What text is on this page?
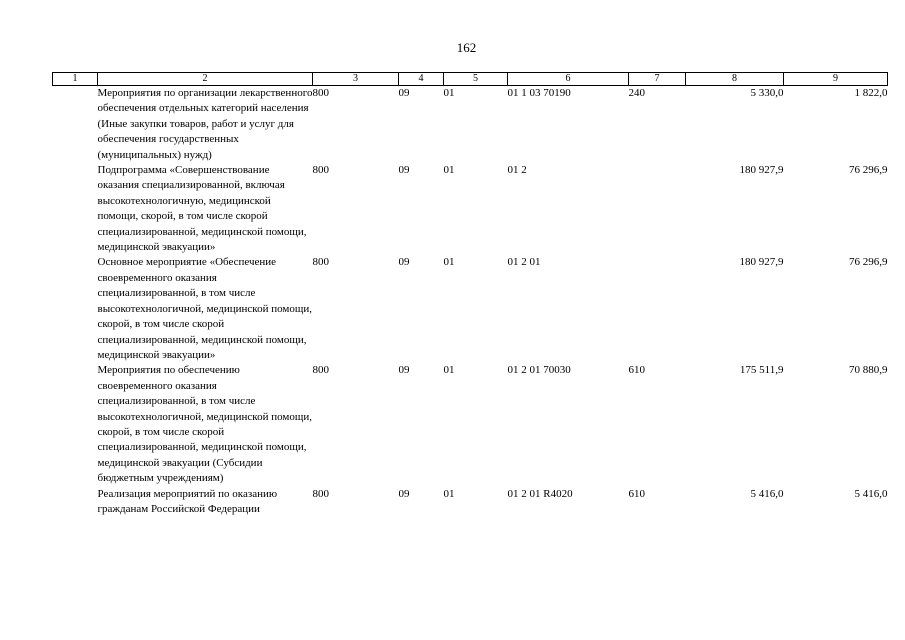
162
1	2	3	4	5	6	7	8	9
	Мероприятия по организации лекарственного обеспечения отдельных категорий населения (Иные закупки товаров, работ и услуг для обеспечения государственных (муниципальных) нужд)	800	09	01	01 1 03 70190	240	5 330,0	1 822,0
	Подпрограмма «Совершенствование оказания специализированной, включая высокотехнологичную, медицинской помощи, скорой, в том числе скорой специализированной, медицинской помощи, медицинской эвакуации»	800	09	01	01 2		180 927,9	76 296,9
	Основное мероприятие «Обеспечение своевременного оказания специализированной, в том числе высокотехнологичной, медицинской помощи, скорой, в том числе скорой специализированной, медицинской помощи, медицинской эвакуации»	800	09	01	01 2 01		180 927,9	76 296,9
	Мероприятия по обеспечению своевременного оказания специализированной, в том числе высокотехнологичной, медицинской помощи, скорой, в том числе скорой специализированной, медицинской помощи, медицинской эвакуации (Субсидии бюджетным учреждениям)	800	09	01	01 2 01 70030	610	175 511,9	70 880,9
	Реализация мероприятий по оказанию гражданам Российской Федерации	800	09	01	01 2 01 R4020	610	5 416,0	5 416,0
